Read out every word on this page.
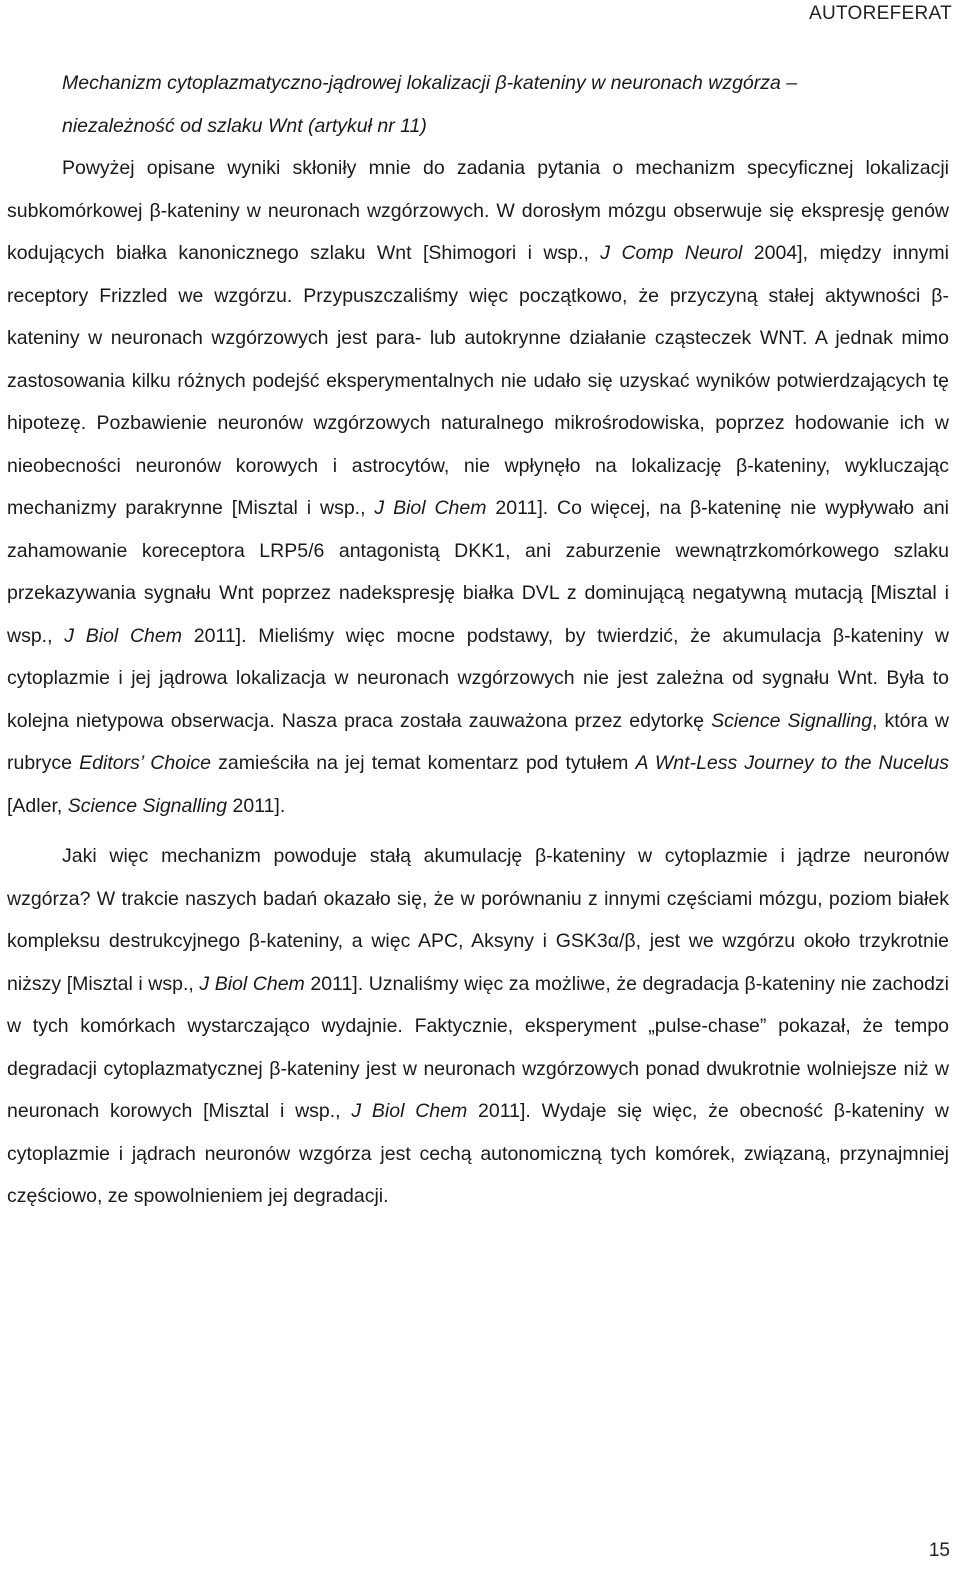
AUTOREFERAT
Mechanizm cytoplazmatyczno-jądrowej lokalizacji β-kateniny w neuronach wzgórza –
niezależność od szlaku Wnt (artykuł nr 11)

Powyżej opisane wyniki skłoniły mnie do zadania pytania o mechanizm specyficznej lokalizacji subkomórkowej β-kateniny w neuronach wzgórzowych. W dorosłym mózgu obserwuje się ekspresję genów kodujących białka kanonicznego szlaku Wnt [Shimogori i wsp., J Comp Neurol 2004], między innymi receptory Frizzled we wzgórzu. Przypuszczaliśmy więc początkowo, że przyczyną stałej aktywności β-kateniny w neuronach wzgórzowych jest para- lub autokrynne działanie cząsteczek WNT. A jednak mimo zastosowania kilku różnych podejść eksperymentalnych nie udało się uzyskać wyników potwierdzających tę hipotezę. Pozbawienie neuronów wzgórzowych naturalnego mikrośrodowiska, poprzez hodowanie ich w nieobecności neuronów korowych i astrocytów, nie wpłynęło na lokalizację β-kateniny, wykluczając mechanizmy parakrynne [Misztal i wsp., J Biol Chem 2011]. Co więcej, na β-kateninę nie wypływało ani zahamowanie koreceptora LRP5/6 antagonistą DKK1, ani zaburzenie wewnątrzkomórkowego szlaku przekazywania sygnału Wnt poprzez nadekspresję białka DVL z dominującą negatywną mutacją [Misztal i wsp., J Biol Chem 2011]. Mieliśmy więc mocne podstawy, by twierdzić, że akumulacja β-kateniny w cytoplazmie i jej jądrowa lokalizacja w neuronach wzgórzowych nie jest zależna od sygnału Wnt. Była to kolejna nietypowa obserwacja. Nasza praca została zauważona przez edytorkę Science Signalling, która w rubryce Editors’ Choice zamieściła na jej temat komentarz pod tytułem A Wnt-Less Journey to the Nucelus [Adler, Science Signalling 2011].

Jaki więc mechanizm powoduje stałą akumulację β-kateniny w cytoplazmie i jądrze neuronów wzgórza? W trakcie naszych badań okazało się, że w porównaniu z innymi częściami mózgu, poziom białek kompleksu destrukcyjnego β-kateniny, a więc APC, Aksyny i GSK3α/β, jest we wzgórzu około trzykrotnie niższy [Misztal i wsp., J Biol Chem 2011]. Uznaliśmy więc za możliwe, że degradacja β-kateniny nie zachodzi w tych komórkach wystarczająco wydajnie. Faktycznie, eksperyment „pulse-chase” pokazał, że tempo degradacji cytoplazmatycznej β-kateniny jest w neuronach wzgórzowych ponad dwukrotnie wolniejsze niż w neuronach korowych [Misztal i wsp., J Biol Chem 2011]. Wydaje się więc, że obecność β-kateniny w cytoplazmie i jądrach neuronów wzgórza jest cechą autonomiczną tych komórek, związaną, przynajmniej częściowo, ze spowolnieniem jej degradacji.

15
